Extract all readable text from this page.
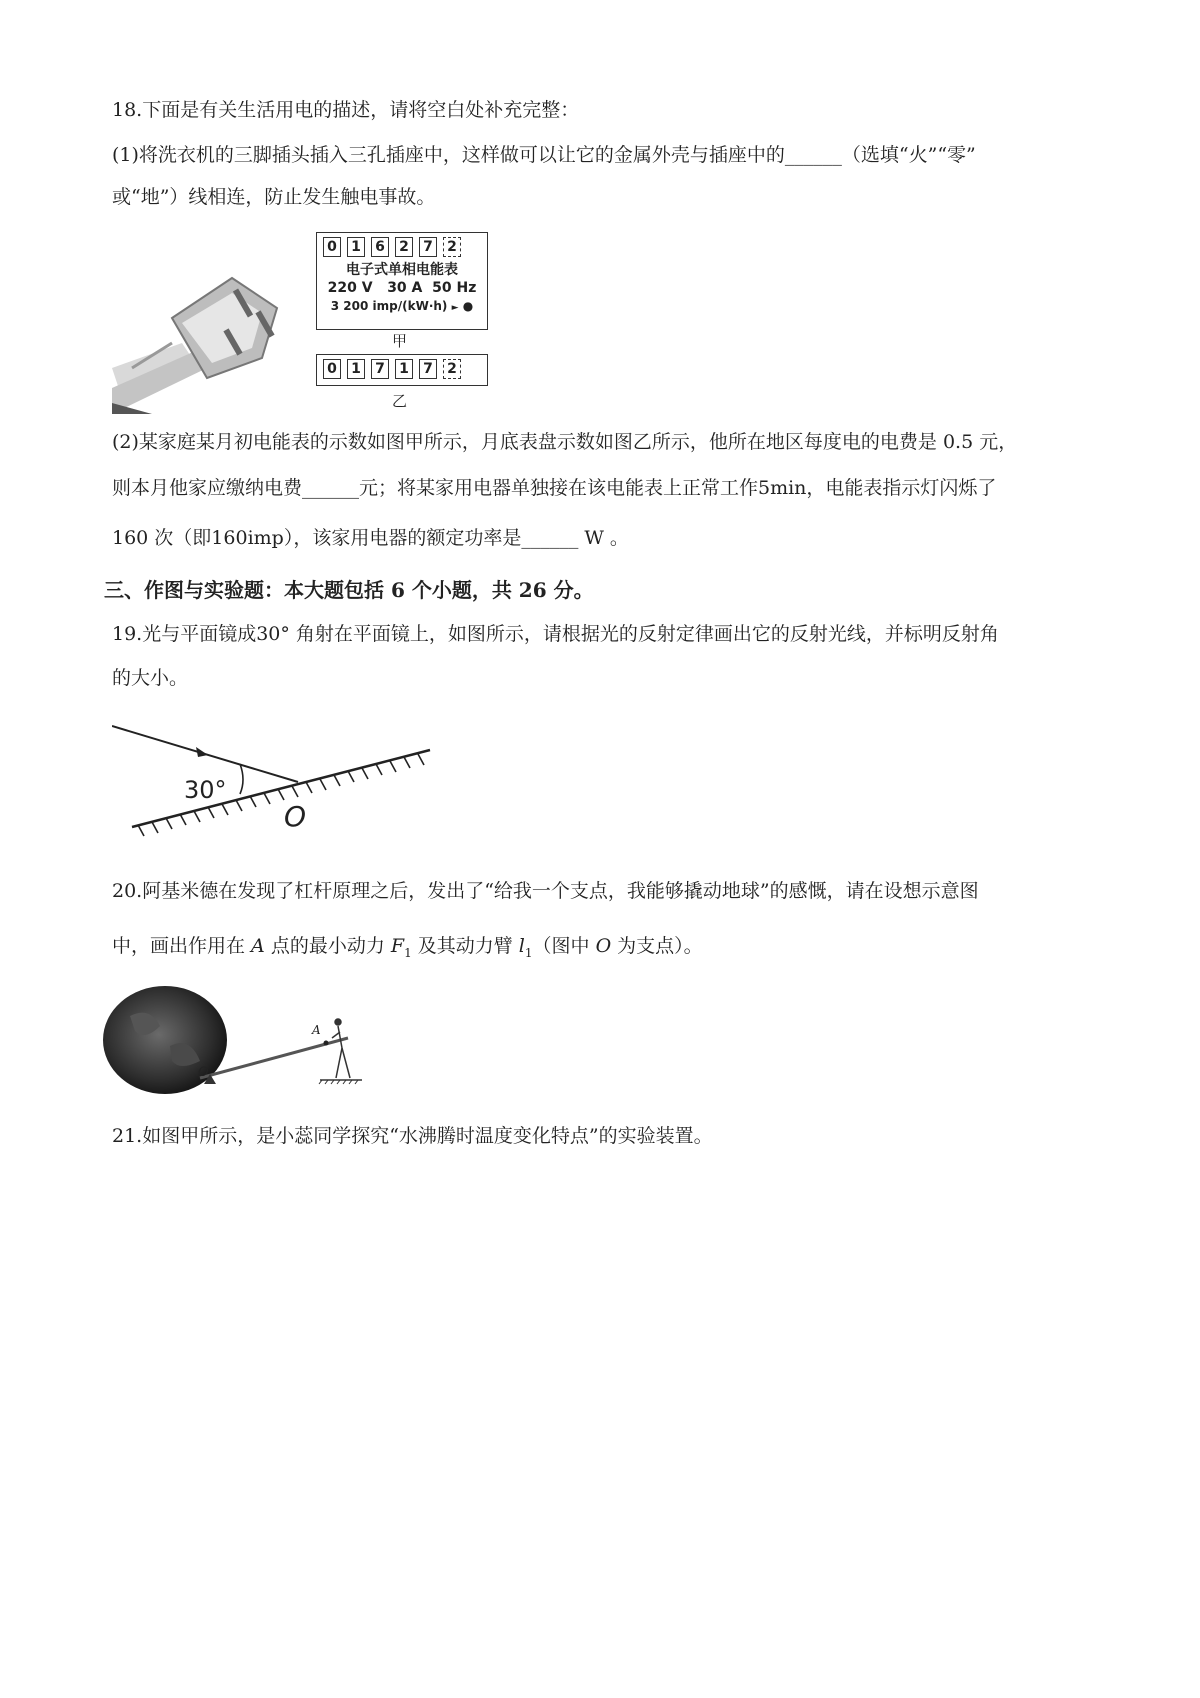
18.下面是有关生活用电的描述，请将空白处补充完整：
(1)将洗衣机的三脚插头插入三孔插座中，这样做可以让它的金属外壳与插座中的______（选填“火”“零”
或“地”）线相连，防止发生触电事故。
0 1 6 2 7 2
电子式单相电能表
220 V   30 A  50 Hz
3 200 imp/(kW·h) ► ●
甲
0 1 7 1 7 2
乙
(2)某家庭某月初电能表的示数如图甲所示，月底表盘示数如图乙所示，他所在地区每度电的电费是 0.5 元，
则本月他家应缴纳电费______元；将某家用电器单独接在该电能表上正常工作5min，电能表指示灯闪烁了
160 次（即160imp），该家用电器的额定功率是______ W 。
三、作图与实验题：本大题包括 6 个小题，共 26 分。
19.光与平面镜成30° 角射在平面镜上，如图所示，请根据光的反射定律画出它的反射光线，并标明反射角
的大小。
30°
O
20.阿基米德在发现了杠杆原理之后，发出了“给我一个支点，我能够撬动地球”的感慨，请在设想示意图
中，画出作用在 A 点的最小动力 $F_1$ 及其动力臂 $l_1$（图中 O 为支点）。
O
A
21.如图甲所示，是小蕊同学探究“水沸腾时温度变化特点”的实验装置。
